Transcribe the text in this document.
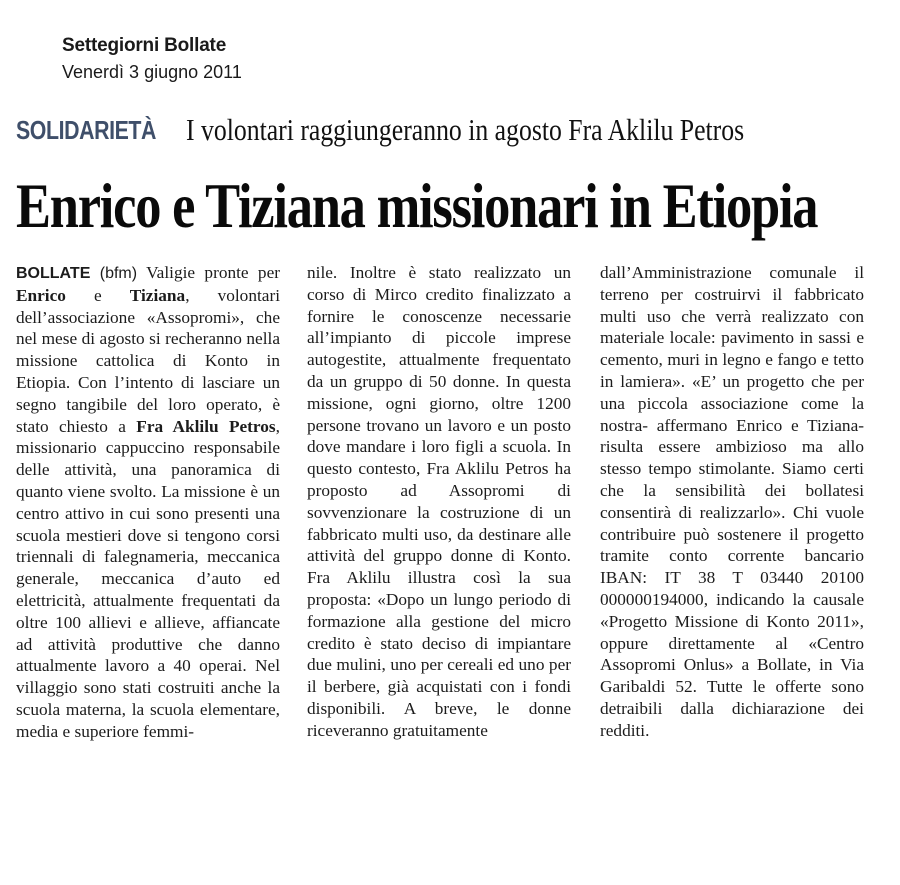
Settegiorni Bollate
Venerdì 3 giugno 2011
SOLIDARIETÀ I volontari raggiungeranno in agosto Fra Aklilu Petros
Enrico e Tiziana missionari in Etiopia

BOLLATE (bfm) Valigie pronte per Enrico e Tiziana, volontari dell’associazione «Assopromi», che nel mese di agosto si recheranno nella missione cattolica di Konto in Etiopia. Con l’intento di lasciare un segno tangibile del loro operato, è stato chiesto a Fra Aklilu Petros, missionario cappuccino responsabile delle attività, una panoramica di quanto viene svolto. La missione è un centro attivo in cui sono presenti una scuola mestieri dove si tengono corsi triennali di falegnameria, meccanica generale, meccanica d’auto ed elettricità, attualmente frequentati da oltre 100 allievi e allieve, affiancate ad attività produttive che danno attualmente lavoro a 40 operai. Nel villaggio sono stati costruiti anche la scuola materna, la scuola elementare, media e superiore femmi-

nile. Inoltre è stato realizzato un corso di Mirco credito finalizzato a fornire le conoscenze necessarie all’impianto di piccole imprese autogestite, attualmente frequentato da un gruppo di 50 donne. In questa missione, ogni giorno, oltre 1200 persone trovano un lavoro e un posto dove mandare i loro figli a scuola. In questo contesto, Fra Aklilu Petros ha proposto ad Assopromi di sovvenzionare la costruzione di un fabbricato multi uso, da destinare alle attività del gruppo donne di Konto. Fra Aklilu illustra così la sua proposta: «Dopo un lungo periodo di formazione alla gestione del micro credito è stato deciso di impiantare due mulini, uno per cereali ed uno per il berbere, già acquistati con i fondi disponibili. A breve, le donne riceveranno gratuitamente

dall’Amministrazione comunale il terreno per costruirvi il fabbricato multi uso che verrà realizzato con materiale locale: pavimento in sassi e cemento, muri in legno e fango e tetto in lamiera». «E’ un progetto che per una piccola associazione come la nostra- affermano Enrico e Tiziana- risulta essere ambizioso ma allo stesso tempo stimolante. Siamo certi che la sensibilità dei bollatesi consentirà di realizzarlo». Chi vuole contribuire può sostenere il progetto tramite conto corrente bancario IBAN: IT 38 T 03440 20100 000000194000, indicando la causale «Progetto Missione di Konto 2011», oppure direttamente al «Centro Assopromi Onlus» a Bollate, in Via Garibaldi 52. Tutte le offerte sono detraibili dalla dichiarazione dei redditi.
